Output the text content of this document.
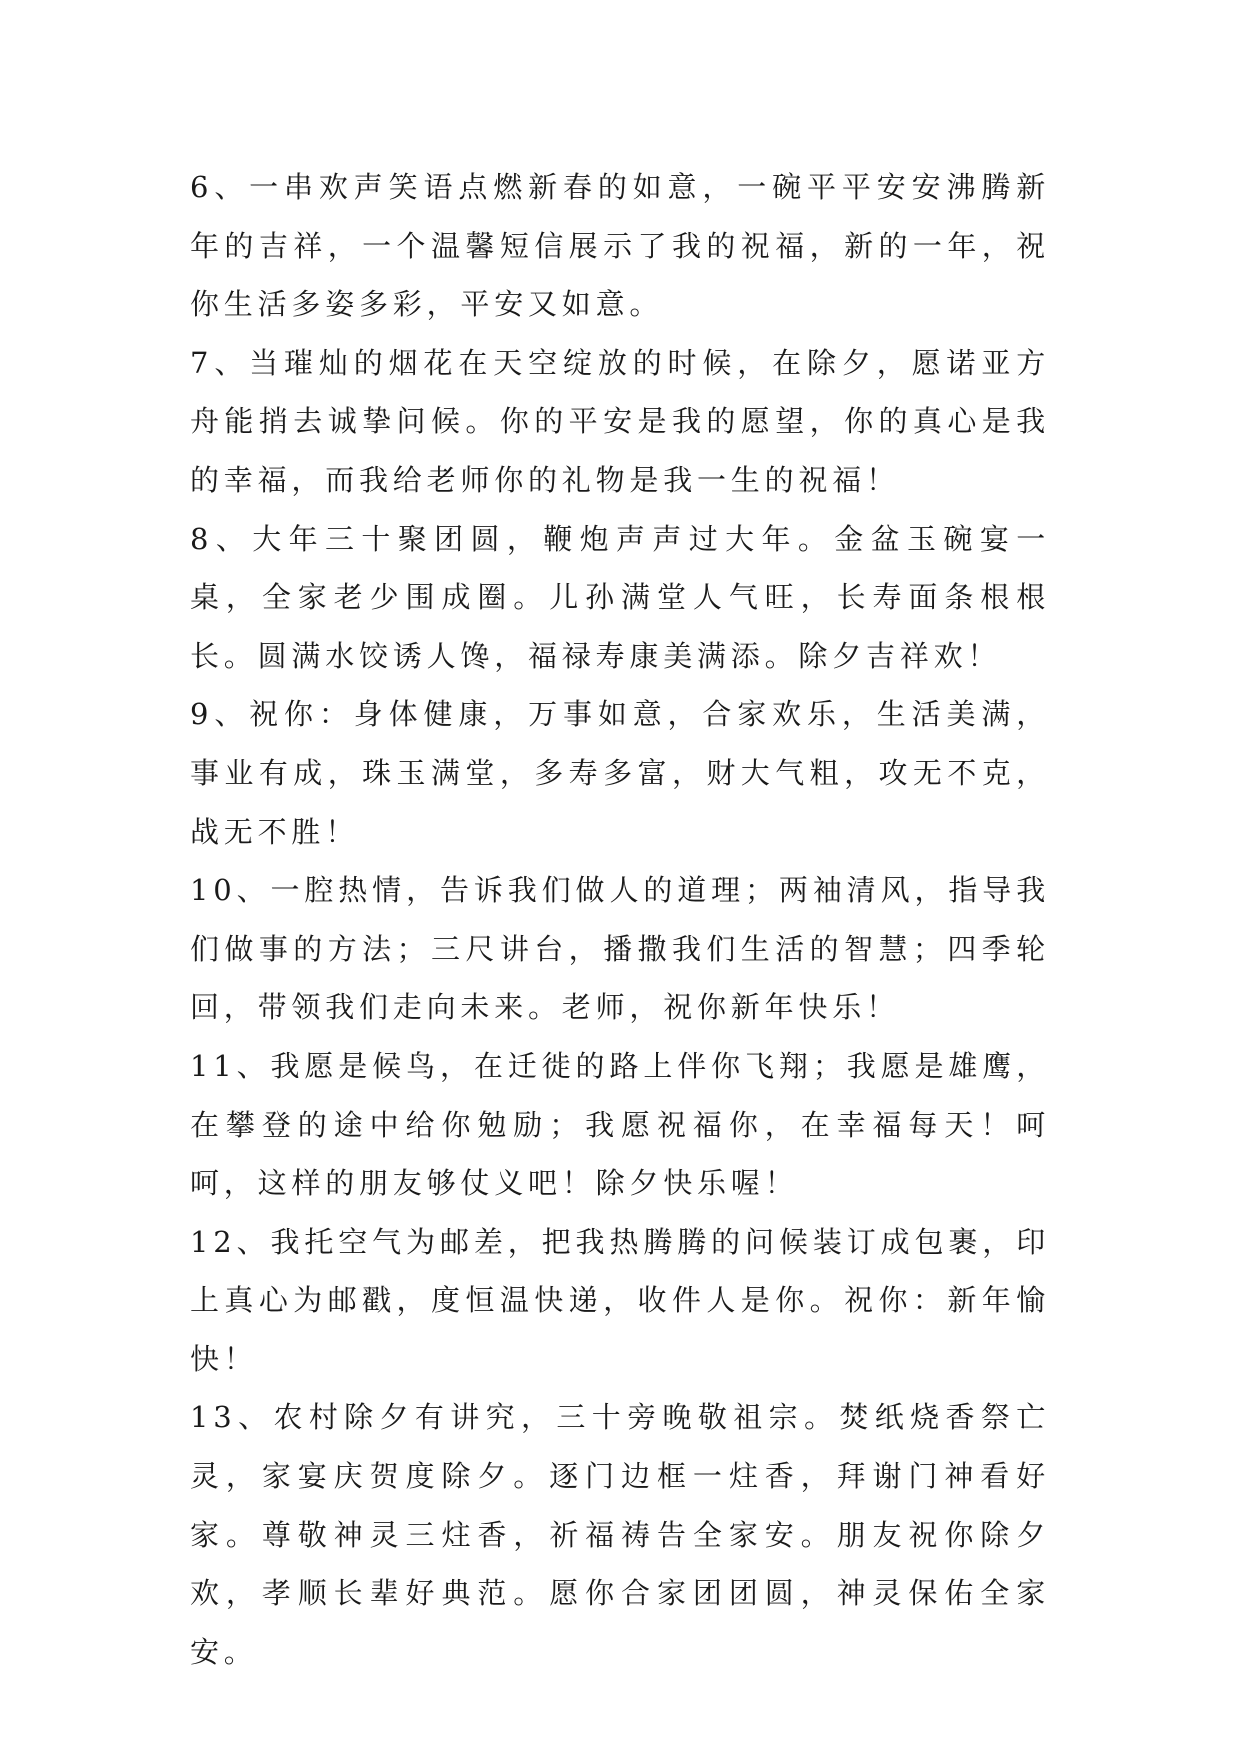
6、一串欢声笑语点燃新春的如意，一碗平平安安沸腾新年的吉祥，一个温馨短信展示了我的祝福，新的一年，祝你生活多姿多彩，平安又如意。

7、当璀灿的烟花在天空绽放的时候，在除夕，愿诺亚方舟能捎去诚挚问候。你的平安是我的愿望，你的真心是我的幸福，而我给老师你的礼物是我一生的祝福！

8、大年三十聚团圆，鞭炮声声过大年。金盆玉碗宴一桌，全家老少围成圈。儿孙满堂人气旺，长寿面条根根长。圆满水饺诱人馋，福禄寿康美满添。除夕吉祥欢！

9、祝你：身体健康，万事如意，合家欢乐，生活美满，事业有成，珠玉满堂，多寿多富，财大气粗，攻无不克，战无不胜！

10、一腔热情，告诉我们做人的道理；两袖清风，指导我们做事的方法；三尺讲台，播撒我们生活的智慧；四季轮回，带领我们走向未来。老师，祝你新年快乐！

11、我愿是候鸟，在迁徙的路上伴你飞翔；我愿是雄鹰，在攀登的途中给你勉励；我愿祝福你，在幸福每天！呵呵，这样的朋友够仗义吧！除夕快乐喔！

12、我托空气为邮差，把我热腾腾的问候装订成包裹，印上真心为邮戳，度恒温快递，收件人是你。祝你：新年愉快！

13、农村除夕有讲究，三十旁晚敬祖宗。焚纸烧香祭亡灵，家宴庆贺度除夕。逐门边框一炷香，拜谢门神看好家。尊敬神灵三炷香，祈福祷告全家安。朋友祝你除夕欢，孝顺长辈好典范。愿你合家团团圆，神灵保佑全家安。
